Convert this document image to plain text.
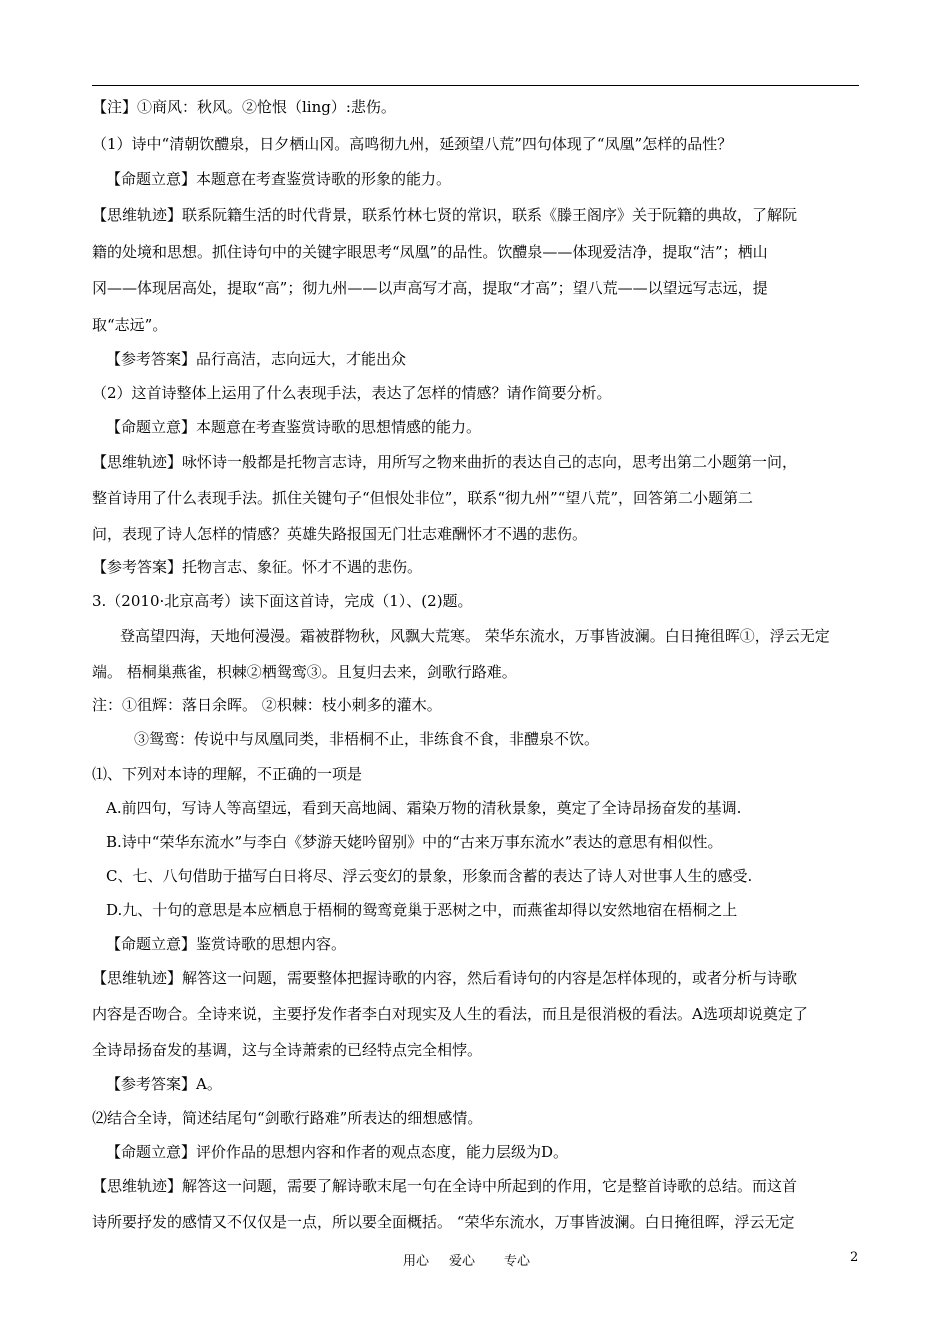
【注】①商风：秋风。②怆恨（ling）:悲伤。
（1）诗中“清朝饮醴泉，日夕栖山冈。高鸣彻九州，延颈望八荒”四句体现了“凤凰”怎样的品性？
【命题立意】本题意在考查鉴赏诗歌的形象的能力。
【思维轨迹】联系阮籍生活的时代背景，联系竹林七贤的常识，联系《滕王阁序》关于阮籍的典故，了解阮
籍的处境和思想。抓住诗句中的关键字眼思考“凤凰”的品性。饮醴泉——体现爱洁净，提取“洁”；栖山
冈——体现居高处，提取“高”；彻九州——以声高写才高，提取“才高”；望八荒——以望远写志远，提
取“志远”。
【参考答案】品行高洁，志向远大，才能出众
（2）这首诗整体上运用了什么表现手法，表达了怎样的情感？请作简要分析。
【命题立意】本题意在考查鉴赏诗歌的思想情感的能力。
【思维轨迹】咏怀诗一般都是托物言志诗，用所写之物来曲折的表达自己的志向，思考出第二小题第一问，
整首诗用了什么表现手法。抓住关键句子“但恨处非位”，联系“彻九州”“望八荒”，回答第二小题第二
问，表现了诗人怎样的情感？英雄失路报国无门壮志难酬怀才不遇的悲伤。
【参考答案】托物言志、象征。怀才不遇的悲伤。
3.（2010·北京高考）读下面这首诗，完成（1）、(2)题。
登高望四海，天地何漫漫。霜被群物秋，风飘大荒寒。 荣华东流水，万事皆波澜。白日掩徂晖①，浮云无定
端。 梧桐巢燕雀，枳棘②栖鸳鸾③。且复归去来，剑歌行路难。
注：①徂辉：落日余晖。 ②枳棘：枝小刺多的灌木。
③鸳鸾：传说中与凤凰同类，非梧桐不止，非练食不食，非醴泉不饮。
⑴、下列对本诗的理解，不正确的一项是
A.前四句，写诗人等高望远，看到天高地阔、霜染万物的清秋景象，奠定了全诗昂扬奋发的基调.
B.诗中“荣华东流水”与李白《梦游天姥吟留别》中的“古来万事东流水”表达的意思有相似性。
C、七、八句借助于描写白日将尽、浮云变幻的景象，形象而含蓄的表达了诗人对世事人生的感受.
D.九、十句的意思是本应栖息于梧桐的鸳鸾竟巢于恶树之中，而燕雀却得以安然地宿在梧桐之上
【命题立意】鉴赏诗歌的思想内容。
【思维轨迹】解答这一问题，需要整体把握诗歌的内容，然后看诗句的内容是怎样体现的，或者分析与诗歌
内容是否吻合。全诗来说，主要抒发作者李白对现实及人生的看法，而且是很消极的看法。A选项却说奠定了
全诗昂扬奋发的基调，这与全诗萧索的已经特点完全相悖。
【参考答案】A。
⑵结合全诗，简述结尾句“剑歌行路难”所表达的细想感情。
【命题立意】评价作品的思想内容和作者的观点态度，能力层级为D。
【思维轨迹】解答这一问题，需要了解诗歌末尾一句在全诗中所起到的作用，它是整首诗歌的总结。而这首
诗所要抒发的感情又不仅仅是一点，所以要全面概括。 “荣华东流水，万事皆波澜。白日掩徂晖，浮云无定
用心 爱心 专心	2
